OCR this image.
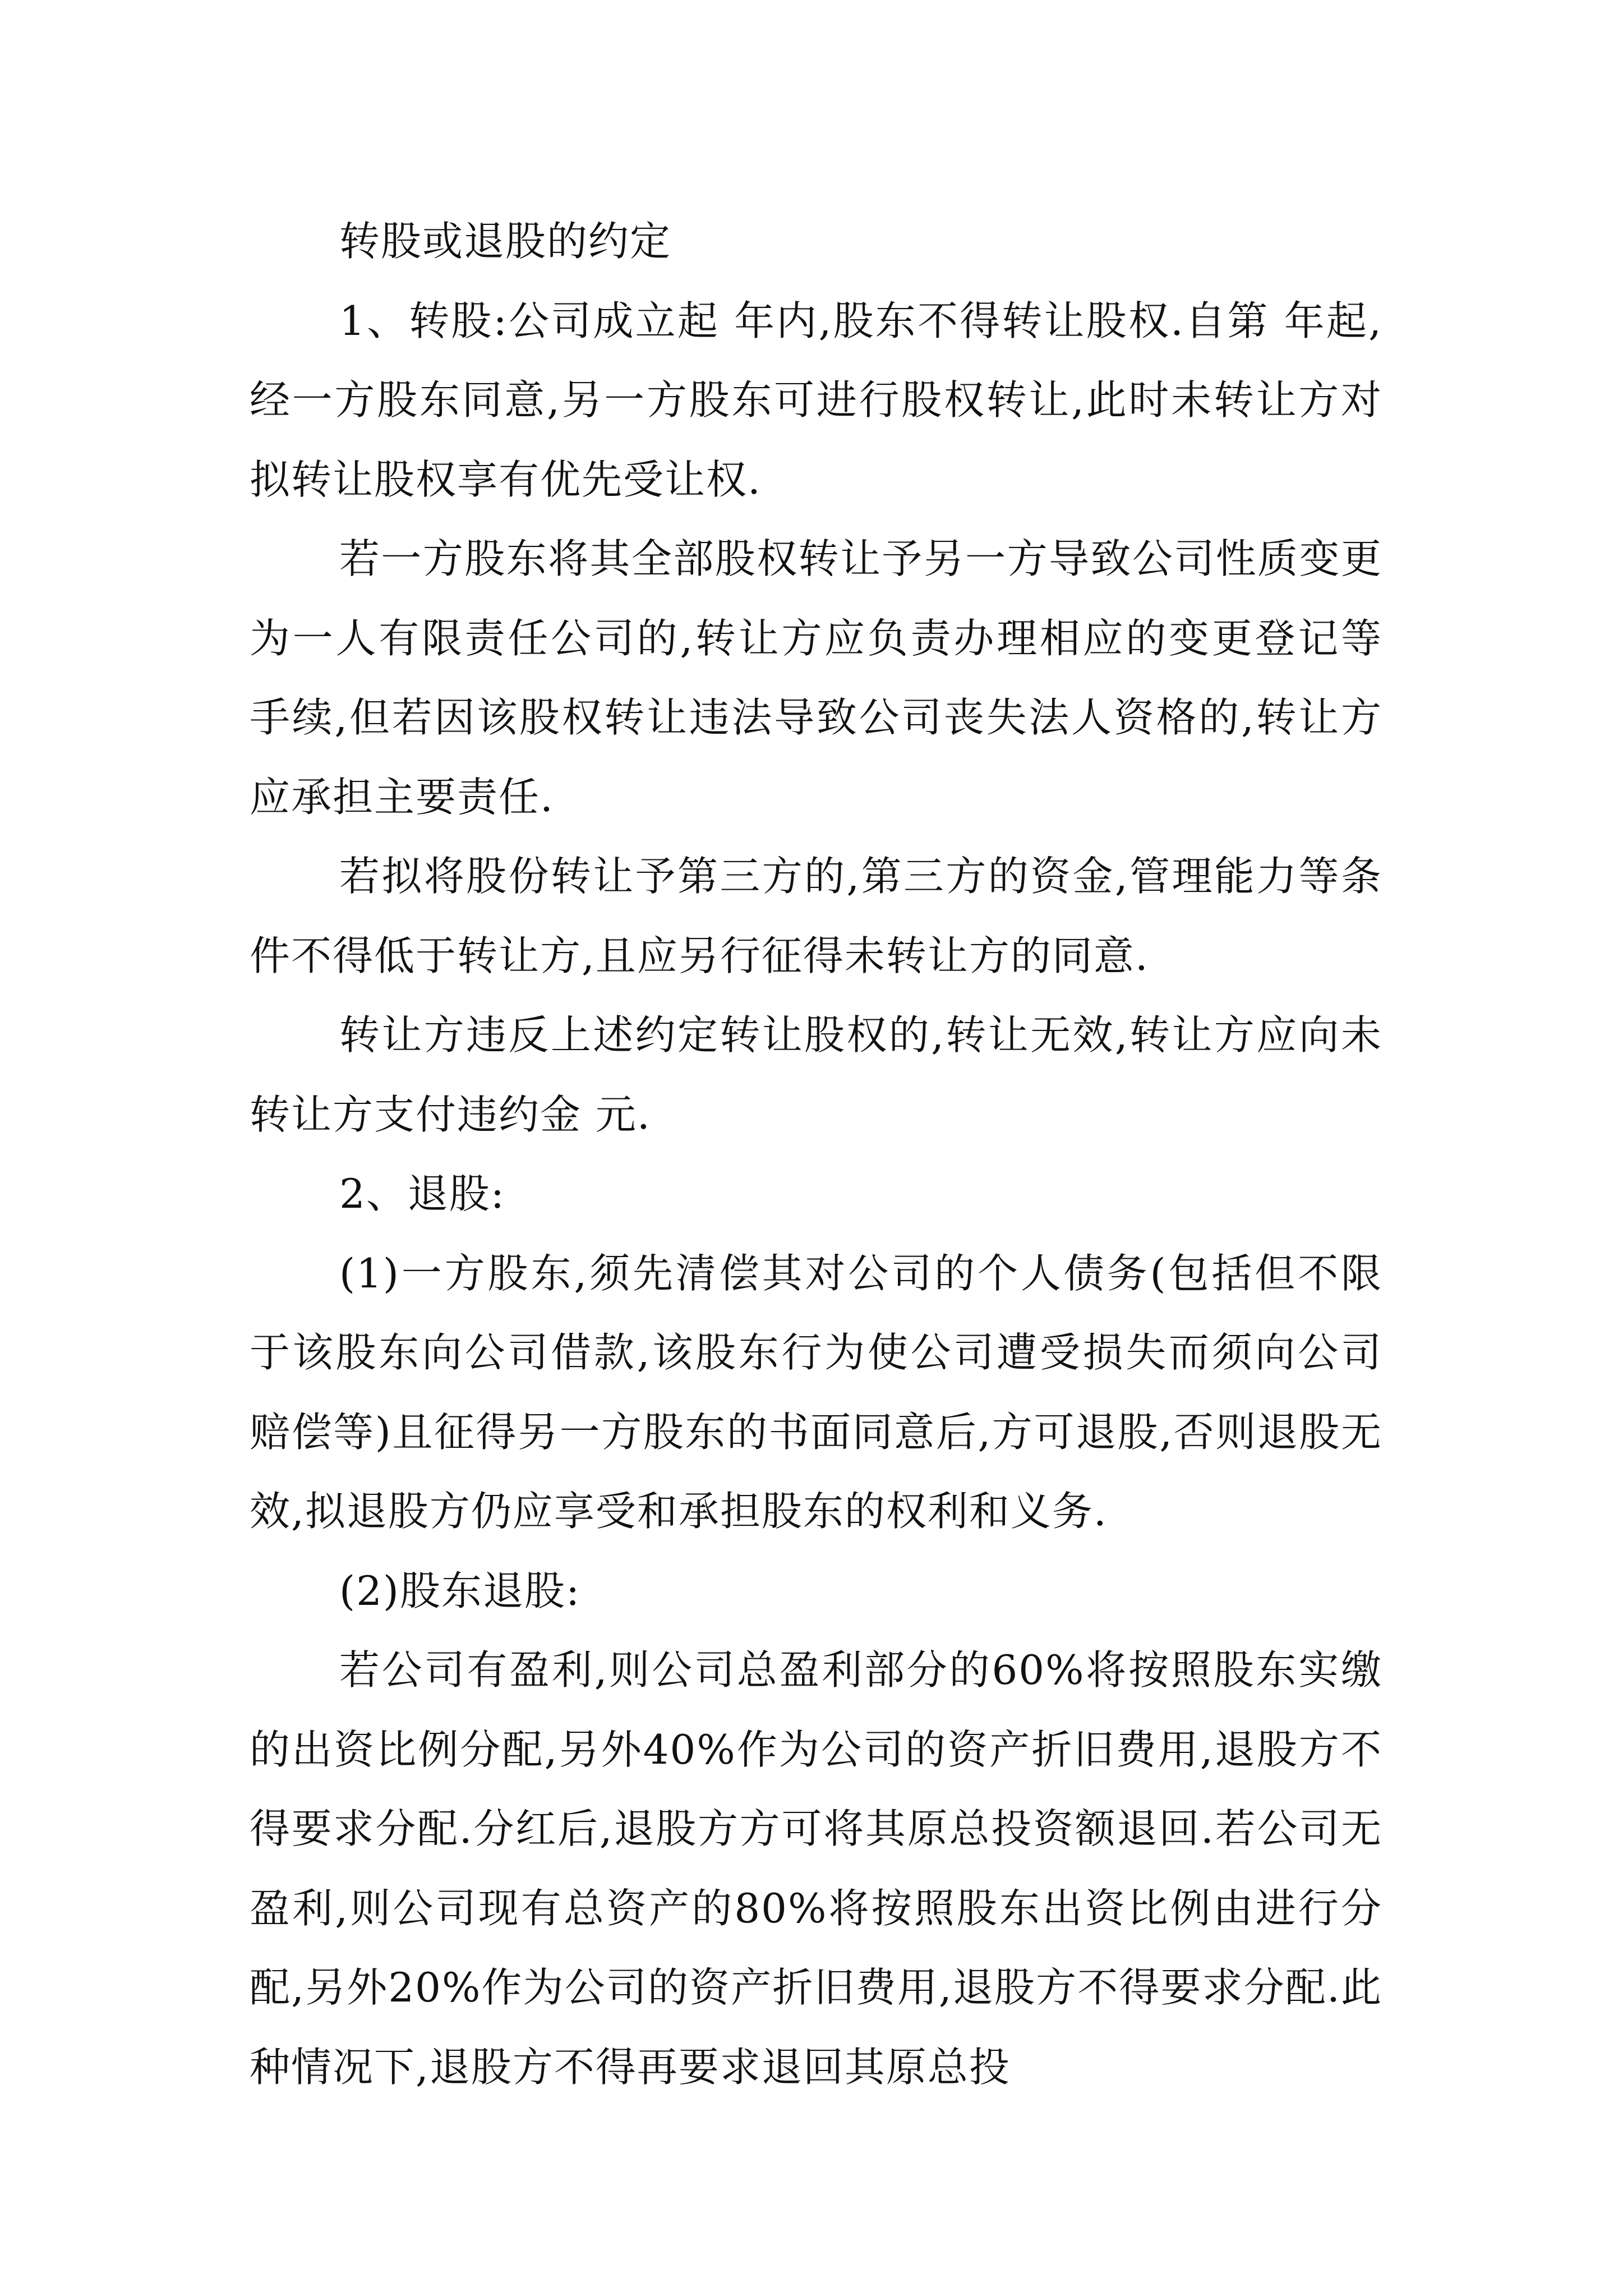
转股或退股的约定

1、转股:公司成立起 年内,股东不得转让股权.自第 年起,经一方股东同意,另一方股东可进行股权转让,此时未转让方对拟转让股权享有优先受让权.

若一方股东将其全部股权转让予另一方导致公司性质变更为一人有限责任公司的,转让方应负责办理相应的变更登记等手续,但若因该股权转让违法导致公司丧失法人资格的,转让方应承担主要责任.

若拟将股份转让予第三方的,第三方的资金,管理能力等条件不得低于转让方,且应另行征得未转让方的同意.

转让方违反上述约定转让股权的,转让无效,转让方应向未转让方支付违约金 元.

2、退股:

(1)一方股东,须先清偿其对公司的个人债务(包括但不限于该股东向公司借款,该股东行为使公司遭受损失而须向公司赔偿等)且征得另一方股东的书面同意后,方可退股,否则退股无效,拟退股方仍应享受和承担股东的权利和义务.

(2)股东退股:

若公司有盈利,则公司总盈利部分的60%将按照股东实缴的出资比例分配,另外40%作为公司的资产折旧费用,退股方不得要求分配.分红后,退股方方可将其原总投资额退回.若公司无盈利,则公司现有总资产的80%将按照股东出资比例由进行分配,另外20%作为公司的资产折旧费用,退股方不得要求分配.此种情况下,退股方不得再要求退回其原总投
